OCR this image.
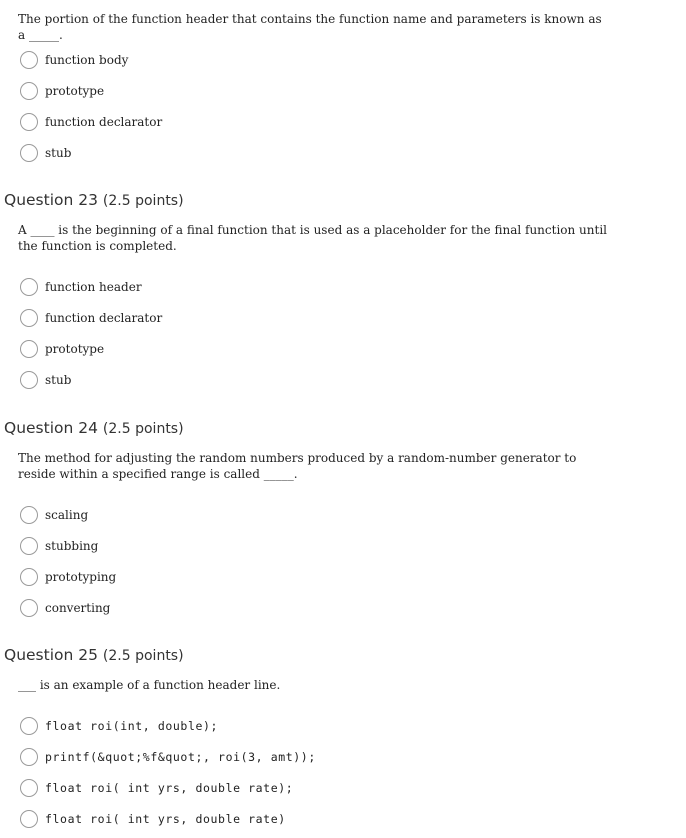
The portion of the function header that contains the function name and parameters is known as a _____.
function body
prototype
function declarator
stub
Question 23 (2.5 points)
A ____ is the beginning of a final function that is used as a placeholder for the final function until the function is completed.
function header
function declarator
prototype
stub
Question 24 (2.5 points)
The method for adjusting the random numbers produced by a random-number generator to reside within a specified range is called _____.
scaling
stubbing
prototyping
converting
Question 25 (2.5 points)
___ is an example of a function header line.
float roi(int, double);
printf(&quot;%f&quot;, roi(3, amt));
float roi( int yrs, double rate);
float roi( int yrs, double rate)
